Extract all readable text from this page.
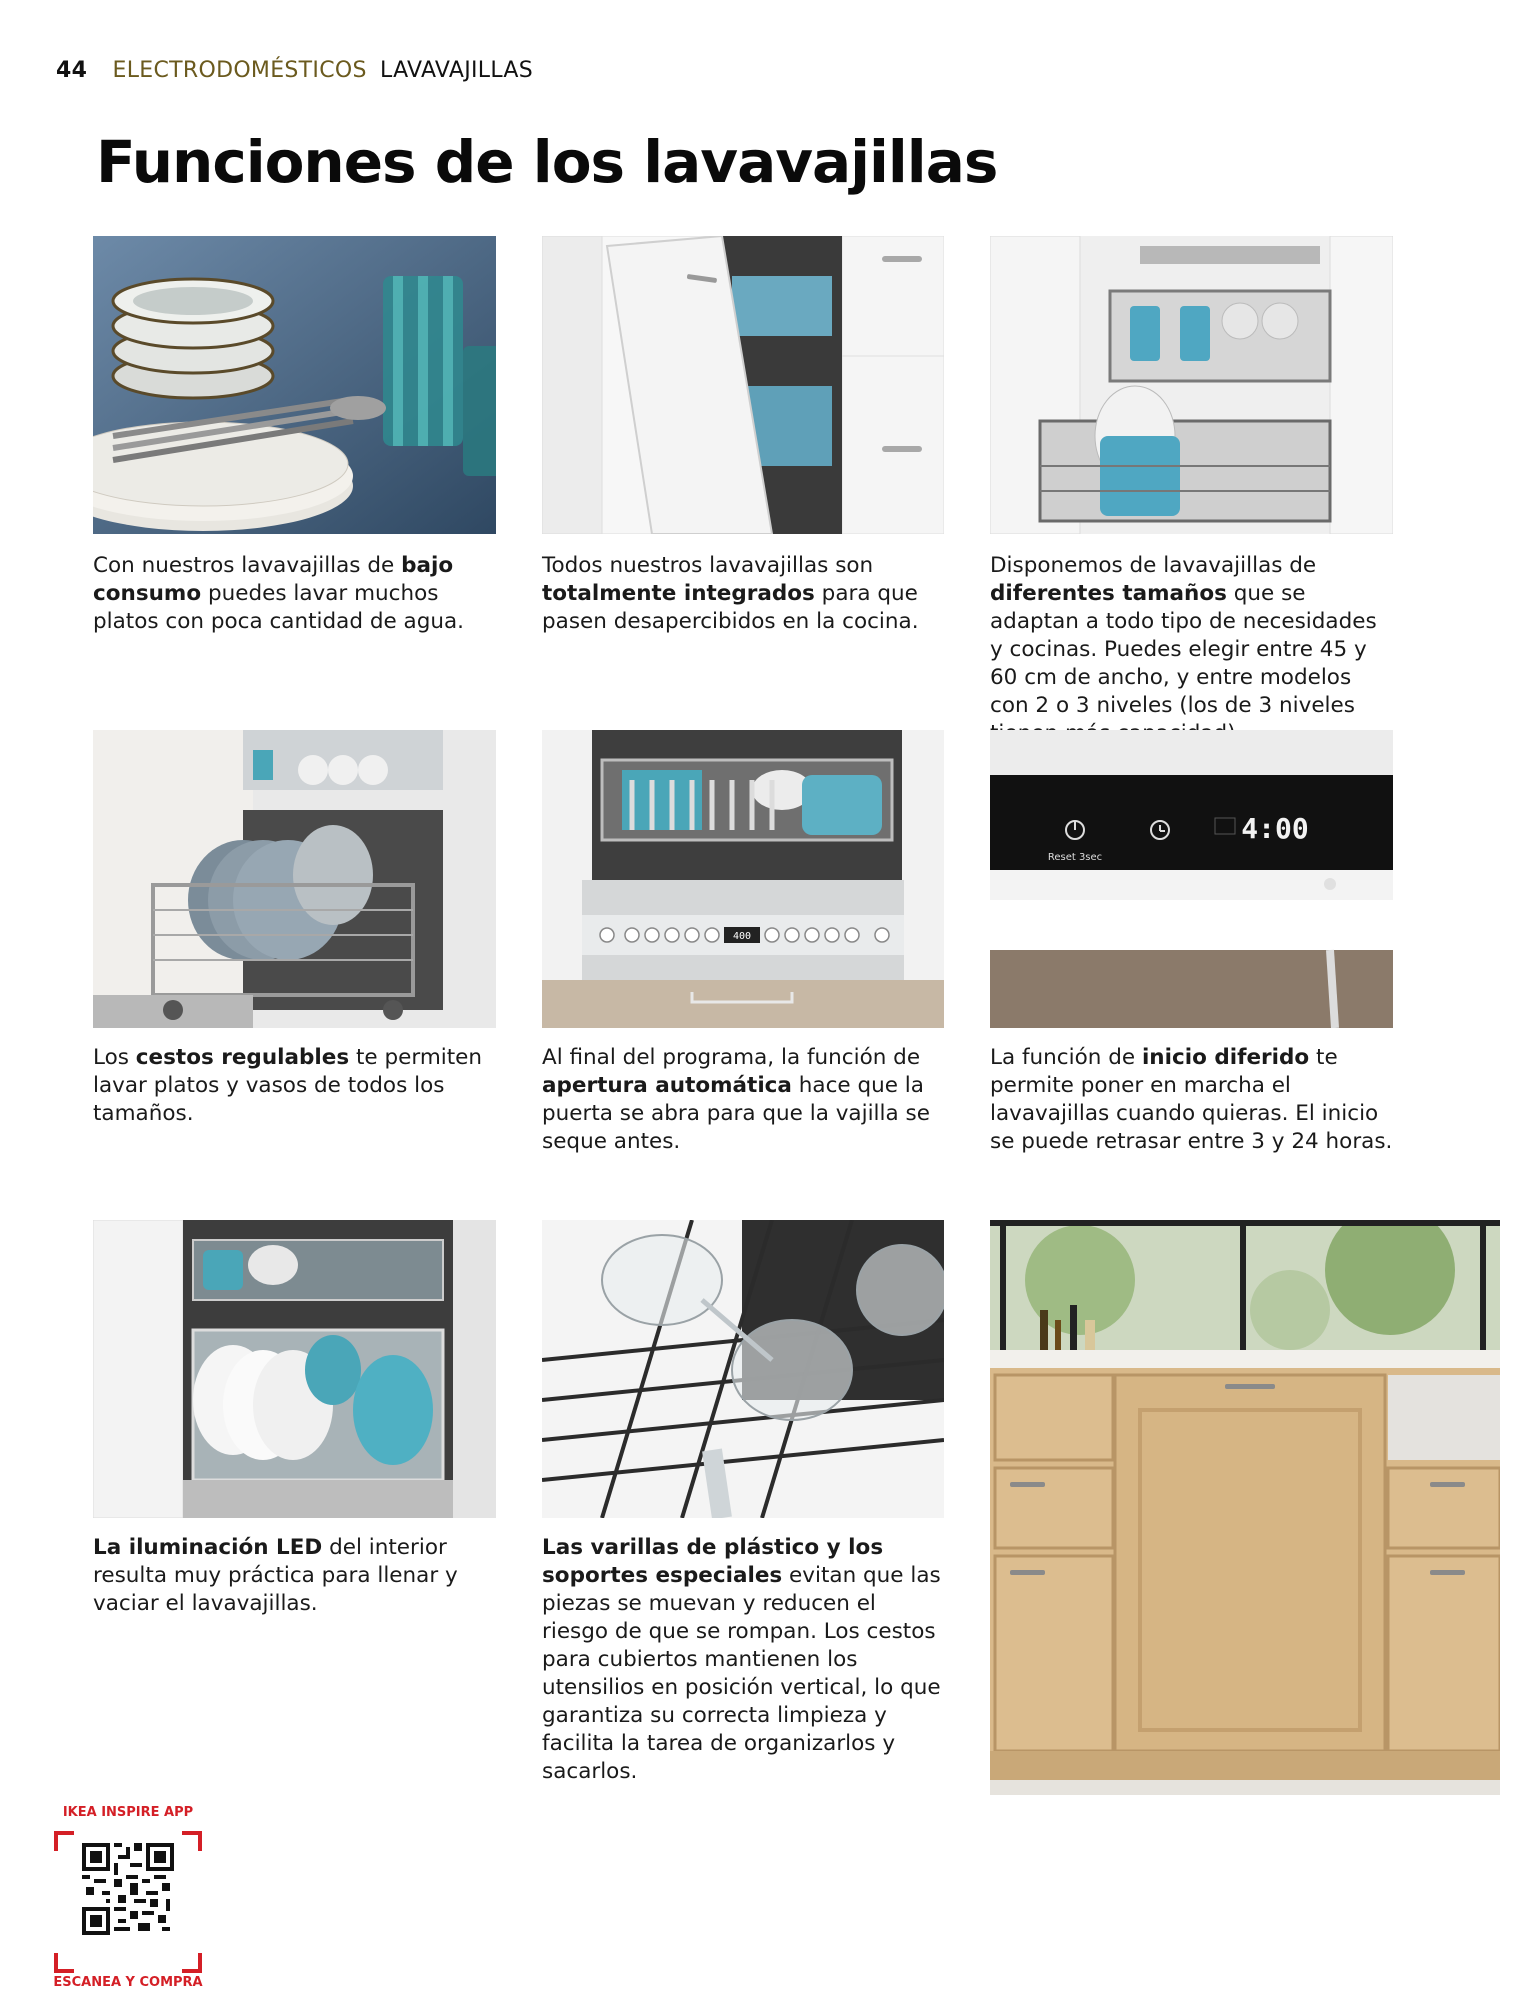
44 ELECTRODOMÉSTICOS LAVAVAJILLAS
Funciones de los lavavajillas
Con nuestros lavavajillas de bajo consumo puedes lavar muchos platos con poca cantidad de agua.
Todos nuestros lavavajillas son totalmente integrados para que pasen desapercibidos en la cocina.
Disponemos de lavavajillas de diferentes tamaños que se adaptan a todo tipo de necesidades y cocinas. Puedes elegir entre 45 y 60 cm de ancho, y entre modelos con 2 o 3 niveles (los de 3 niveles
Los cestos regulables te permiten lavar platos y vasos de todos los tamaños.
400
Al final del programa, la función de apertura automática hace que la puerta se abra para que la vajilla se seque antes.
Reset 3sec
4:00
La función de inicio diferido te permite poner en marcha el lavavajillas cuando quieras. El inicio se puede retrasar entre 3 y 24 horas.
La iluminación LED del interior resulta muy práctica para llenar y vaciar el lavavajillas.
Las varillas de plástico y los soportes especiales evitan que las piezas se muevan y reducen el riesgo de que se rompan. Los cestos para cubiertos mantienen los utensilios en posición vertical, lo que garantiza su correcta limpieza y facilita la tarea de organizarlos y sacarlos.
IKEA INSPIRE APP
ESCANEA Y COMPRA
